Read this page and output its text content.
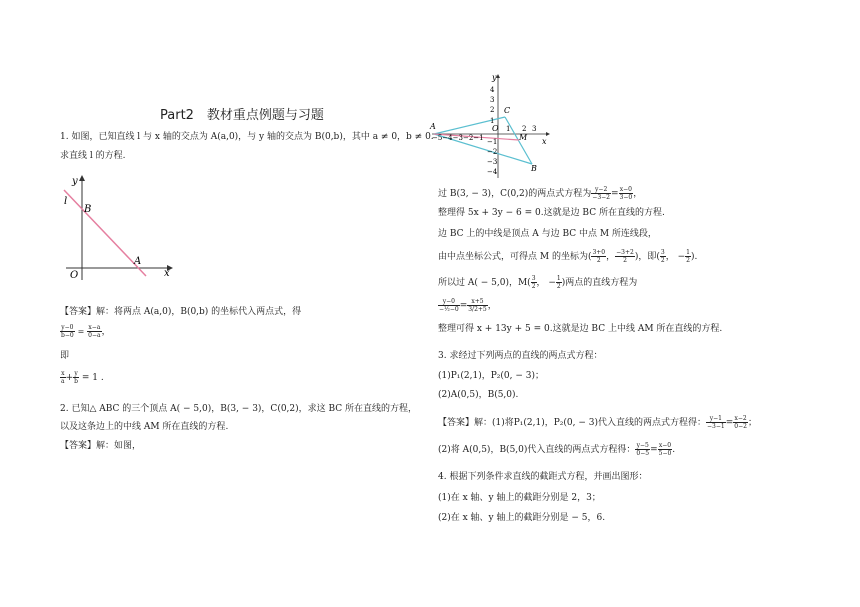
Part2　教材重点例题与习题
1. 如图，已知直线 l 与 x 轴的交点为 A(a,0)，与 y 轴的交点为 B(0,b)，其中 a ≠ 0，b ≠ 0.
求直线 l 的方程.
y
l
B
O
A
x
【答案】解：将两点 A(a,0)，B(0,b) 的坐标代入两点式，得
$\frac{y-0}{b-0} = \frac{x-a}{0-a}$ ，
即
$\frac{x}{a} + \frac{y}{b} = 1$ .
2. 已知△ ABC 的三个顶点 A( − 5,0)，B(3, − 3)，C(0,2)，求这 BC 所在直线的方程，
以及这条边上的中线 AM 所在直线的方程.
【答案】解：如图，
y
4
3
2
1
−1
−2
−3
−4
−5−4−3−2−1
O 1 2 3
x
A
C
M
B
过 B(3, − 3)，C(0,2)的两点式方程为 $\frac{y-2}{-3-2} = \frac{x-0}{3-0}$ ，
整理得 5x + 3y − 6 = 0.这就是边 BC 所在直线的方程.
边 BC 上的中线是顶点 A 与边 BC 中点 M 所连线段，
由中点坐标公式，可得点 M 的坐标为( $\frac{3+0}{2}$ ， $\frac{-3+2}{2}$ )，即( $\frac{3}{2}$ ， − $\frac{1}{2}$ ).
所以过 A( − 5,0)，$M( \frac{3}{2}$ ， − $\frac{1}{2}$ )两点的直线方程为
$\frac{y-0}{\text{−½−0}} = \frac{x+5}{3/2+5}$ ，
整理可得 x + 13y + 5 = 0.这就是边 BC 上中线 AM 所在直线的方程.
3. 求经过下列两点的直线的两点式方程：
(1)P₁(2,1)，P₂(0, − 3)；
(2)A(0,5)，B(5,0).
【答案】解：(1)将P₁(2,1)，P₂(0, − 3)代入直线的两点式方程得： $\frac{y-1}{-3-1} = \frac{x-2}{0-2}$ ；
(2)将 A(0,5)，B(5,0)代入直线的两点式方程得： $\frac{y-5}{0-5} = \frac{x-0}{5-0}$ .
4. 根据下列条件求直线的截距式方程，并画出图形：
(1)在 x 轴、y 轴上的截距分别是 2，3；
(2)在 x 轴、y 轴上的截距分别是 − 5，6.
